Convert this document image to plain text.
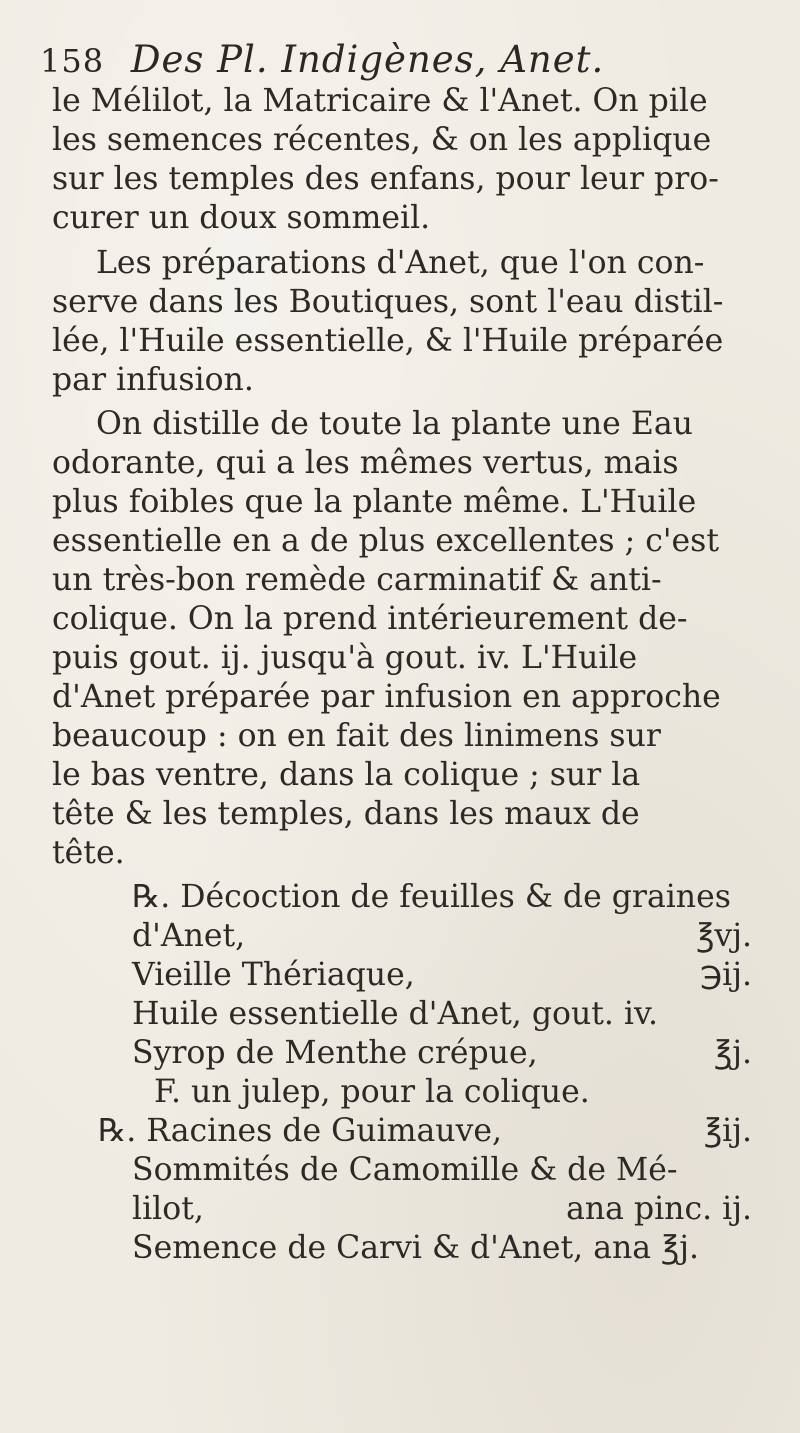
158 Des Pl. Indigènes, Anet.
le Mélilot, la Matricaire & l'Anet. On pile
les semences récentes, & on les applique
sur les temples des enfans, pour leur pro-
curer un doux sommeil.
Les préparations d'Anet, que l'on con-
serve dans les Boutiques, sont l'eau distil-
lée, l'Huile essentielle, & l'Huile préparée
par infusion.
On distille de toute la plante une Eau
odorante, qui a les mêmes vertus, mais
plus foibles que la plante même. L'Huile
essentielle en a de plus excellentes ; c'est
un très-bon remède carminatif & anti-
colique. On la prend intérieurement de-
puis gout. ij. jusqu'à gout. iv. L'Huile
d'Anet préparée par infusion en approche
beaucoup : on en fait des linimens sur
le bas ventre, dans la colique ; sur la
tête & les temples, dans les maux de
tête.
℞. Décoction de feuilles & de graines
d'Anet,	℥vj.
Vieille Thériaque,	℈ij.
Huile essentielle d'Anet, gout. iv.
Syrop de Menthe crépue,	℥j.
F. un julep, pour la colique.
℞. Racines de Guimauve,	℥ij.
Sommités de Camomille & de Mé-
lilot,	ana pinc. ij.
Semence de Carvi & d'Anet, ana ℥j.
